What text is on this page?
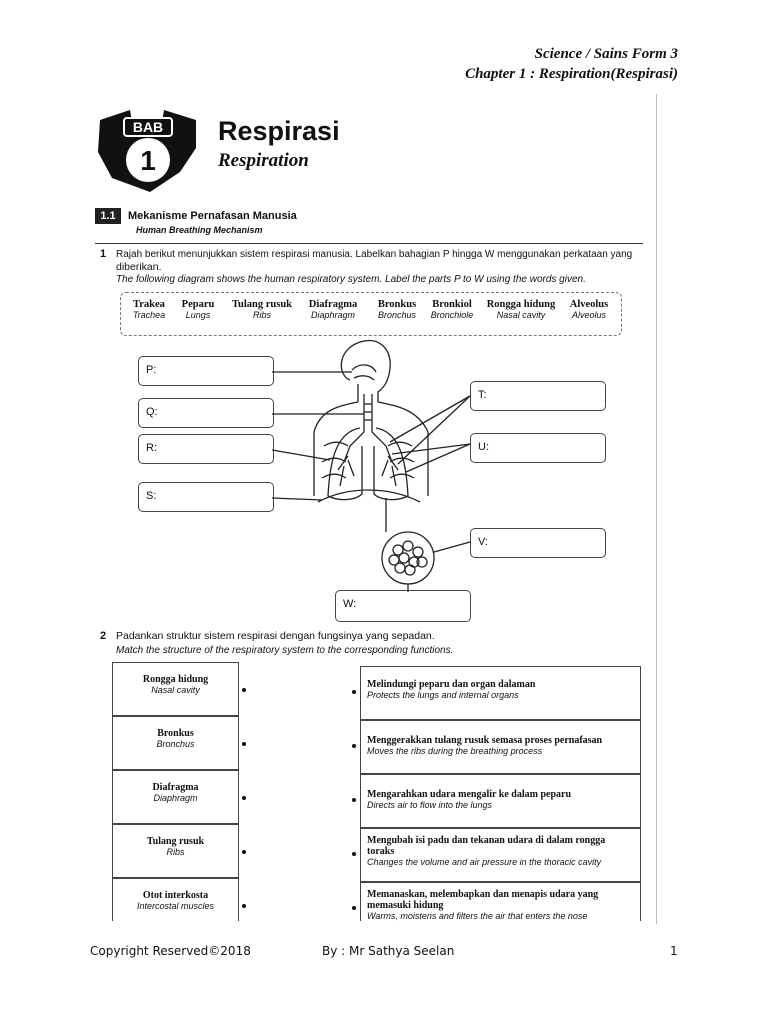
Science / Sains Form 3
Chapter 1 : Respiration(Respirasi)
BAB
1
Respirasi
Respiration
1.1	Mekanisme Pernafasan Manusia
Human Breathing Mechanism
1 Rajah berikut menunjukkan sistem respirasi manusia. Labelkan bahagian P hingga W menggunakan perkataan yang
diberikan.
The following diagram shows the human respiratory system. Label the parts P to W using the words given.
Trakea
Trachea
Peparu
Lungs
Tulang rusuk
Ribs
Diafragma
Diaphragm
Bronkus
Bronchus
Bronkiol
Bronchiole
Rongga hidung
Nasal cavity
Alveolus
Alveolus
P:
Q:
R:
S:
T:
U:
V:
W:
2 Padankan struktur sistem respirasi dengan fungsinya yang sepadan.
Match the structure of the respiratory system to the corresponding functions.
Rongga hidung
Nasal cavity
Bronkus
Bronchus
Diafragma
Diaphragm
Tulang rusuk
Ribs
Otot interkosta
Intercostal muscles
Melindungi peparu dan organ dalaman
Protects the lungs and internal organs
Menggerakkan tulang rusuk semasa proses pernafasan
Moves the ribs during the breathing process
Mengarahkan udara mengalir ke dalam peparu
Directs air to flow into the lungs
Mengubah isi padu dan tekanan udara di dalam rongga
toraks
Changes the volume and air pressure in the thoracic cavity
Memanaskan, melembapkan dan menapis udara yang
memasuki hidung
Warms, moistens and filters the air that enters the nose
Copyright Reserved©2018	By : Mr Sathya Seelan	1
